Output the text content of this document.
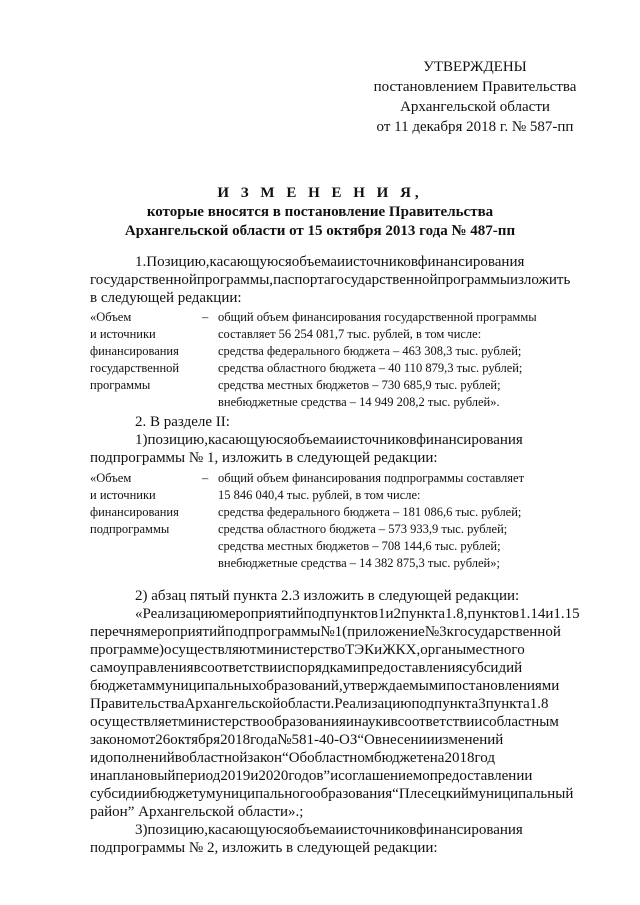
УТВЕРЖДЕНЫ
постановлением Правительства
Архангельской области
от 11 декабря 2018 г. № 587-пп
И З М Е Н Е Н И Я,
которые вносятся в постановление Правительства
Архангельской области от 15 октября 2013 года № 487-пп
1.Позицию,касающуюсяобъемаиисточниковфинансирования
государственнойпрограммы,паспортагосударственнойпрограммыизложить
в следующей редакции:
«Объем
и источники
финансирования
государственной
программы
– общий объем финансирования государственной программы
составляет 56 254 081,7 тыс. рублей, в том числе:
средства федерального бюджета – 463 308,3 тыс. рублей;
средства областного бюджета – 40 110 879,3 тыс. рублей;
средства местных бюджетов – 730 685,9 тыс. рублей;
внебюджетные средства – 14 949 208,2 тыс. рублей».
2. В разделе II:
1)позицию,касающуюсяобъемаиисточниковфинансирования
подпрограммы № 1, изложить в следующей редакции:
«Объем
и источники
финансирования
подпрограммы
– общий объем финансирования подпрограммы составляет
15 846 040,4 тыс. рублей, в том числе:
средства федерального бюджета – 181 086,6 тыс. рублей;
средства областного бюджета – 573 933,9 тыс. рублей;
средства местных бюджетов – 708 144,6 тыс. рублей;
внебюджетные средства – 14 382 875,3 тыс. рублей»;
2) абзац пятый пункта 2.3 изложить в следующей редакции:
«Реализациюмероприятийподпунктов1и2пункта1.8,пунктов1.14и1.15
перечнямероприятийподпрограммы№1(приложение№3кгосударственной
программе)осуществляютминистерствоТЭКиЖКХ,органыместного
самоуправлениявсоответствииспорядкамипредоставлениясубсидий
бюджетаммуниципальныхобразований,утверждаемымипостановлениями
ПравительстваАрхангельскойобласти.Реализациюподпункта3пункта1.8
осуществляетминистерствообразованияинаукивсоответствиисобластным
закономот26октября2018года№581-40-ОЗ“Овнесенииизменений
идополненийвобластнойзакон“Обобластномбюджетена2018год
инаплановыйпериод2019и2020годов”исоглашениемопредоставлении
субсидиибюджетумуниципальногообразования“Плесецкиймуниципальный
район” Архангельской области».;
3)позицию,касающуюсяобъемаиисточниковфинансирования
подпрограммы № 2, изложить в следующей редакции:
